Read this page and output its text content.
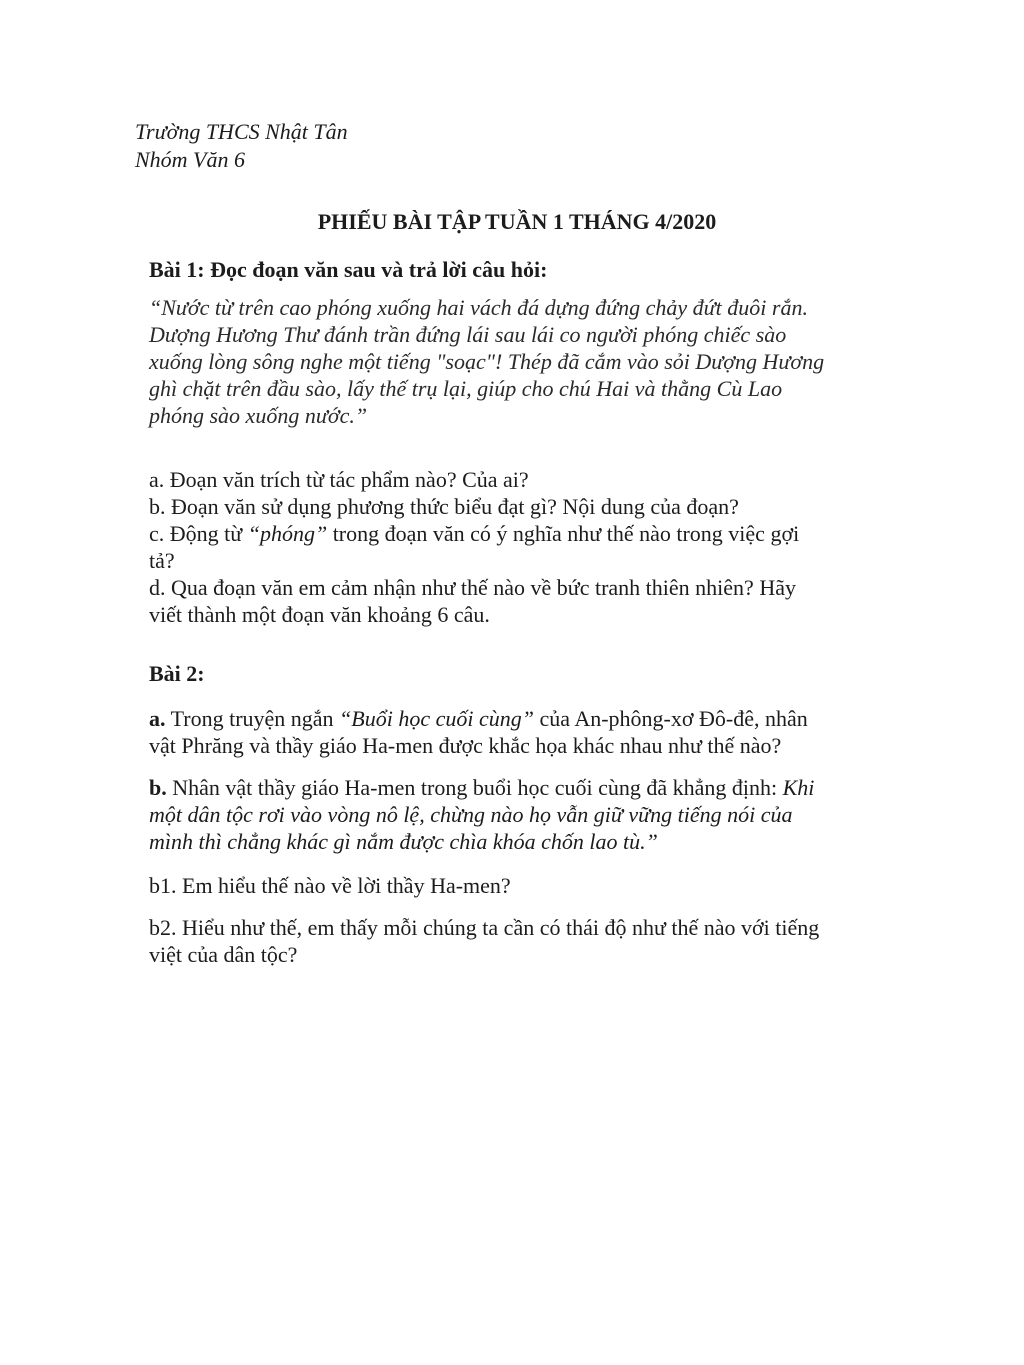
Trường THCS Nhật Tân
Nhóm Văn 6
PHIẾU BÀI TẬP TUẦN 1 THÁNG 4/2020
Bài 1: Đọc đoạn văn sau và trả lời câu hỏi:
“Nước từ trên cao phóng xuống hai vách đá dựng đứng chảy đứt đuôi rắn.
Dượng Hương Thư đánh trần đứng lái sau lái co người phóng chiếc sào
xuống lòng sông nghe một tiếng "soạc"! Thép đã cắm vào sỏi Dượng Hương
ghì chặt trên đầu sào, lấy thế trụ lại, giúp cho chú Hai và thằng Cù Lao
phóng sào xuống nước.”
a. Đoạn văn trích từ tác phẩm nào? Của ai?
b. Đoạn văn sử dụng phương thức biểu đạt gì? Nội dung của đoạn?
c. Động từ “phóng” trong đoạn văn có ý nghĩa như thế nào trong việc gợi
tả?
d. Qua đoạn văn em cảm nhận như thế nào về bức tranh thiên nhiên? Hãy
viết thành một đoạn văn khoảng 6 câu.
Bài 2:
a. Trong truyện ngắn “Buổi học cuối cùng” của An-phông-xơ Đô-đê, nhân
vật Phrăng và thầy giáo Ha-men được khắc họa khác nhau như thế nào?
b. Nhân vật thầy giáo Ha-men trong buổi học cuối cùng đã khẳng định: Khi
một dân tộc rơi vào vòng nô lệ, chừng nào họ vẫn giữ vững tiếng nói của
mình thì chẳng khác gì nắm được chìa khóa chốn lao tù.”
b1. Em hiểu thế nào về lời thầy Ha-men?
b2. Hiểu như thế, em thấy mỗi chúng ta cần có thái độ như thế nào với tiếng
việt của dân tộc?
